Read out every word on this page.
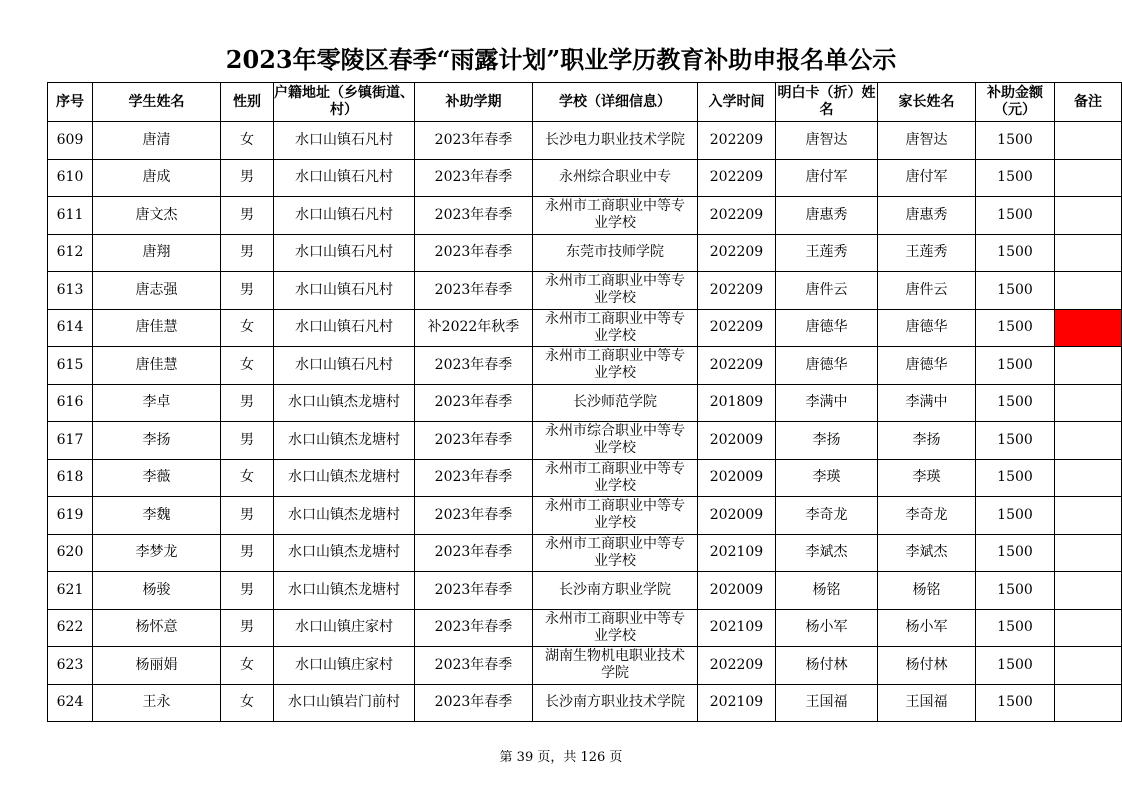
2023年零陵区春季“雨露计划”职业学历教育补助申报名单公示
序号	学生姓名	性别	户籍地址（乡镇街道、村）	补助学期	学校（详细信息）	入学时间	明白卡（折）姓名	家长姓名	补助金额（元）	备注
609	唐清	女	水口山镇石凡村	2023年春季	长沙电力职业技术学院	202209	唐智达	唐智达	1500	
610	唐成	男	水口山镇石凡村	2023年春季	永州综合职业中专	202209	唐付军	唐付军	1500	
611	唐文杰	男	水口山镇石凡村	2023年春季	永州市工商职业中等专业学校	202209	唐惠秀	唐惠秀	1500	
612	唐翔	男	水口山镇石凡村	2023年春季	东莞市技师学院	202209	王莲秀	王莲秀	1500	
613	唐志强	男	水口山镇石凡村	2023年春季	永州市工商职业中等专业学校	202209	唐件云	唐件云	1500	
614	唐佳慧	女	水口山镇石凡村	补2022年秋季	永州市工商职业中等专业学校	202209	唐德华	唐德华	1500	
615	唐佳慧	女	水口山镇石凡村	2023年春季	永州市工商职业中等专业学校	202209	唐德华	唐德华	1500	
616	李卓	男	水口山镇杰龙塘村	2023年春季	长沙师范学院	201809	李满中	李满中	1500	
617	李扬	男	水口山镇杰龙塘村	2023年春季	永州市综合职业中等专业学校	202009	李扬	李扬	1500	
618	李薇	女	水口山镇杰龙塘村	2023年春季	永州市工商职业中等专业学校	202009	李瑛	李瑛	1500	
619	李魏	男	水口山镇杰龙塘村	2023年春季	永州市工商职业中等专业学校	202009	李奇龙	李奇龙	1500	
620	李梦龙	男	水口山镇杰龙塘村	2023年春季	永州市工商职业中等专业学校	202109	李斌杰	李斌杰	1500	
621	杨骏	男	水口山镇杰龙塘村	2023年春季	长沙南方职业学院	202009	杨铭	杨铭	1500	
622	杨怀意	男	水口山镇庄家村	2023年春季	永州市工商职业中等专业学校	202109	杨小军	杨小军	1500	
623	杨丽娟	女	水口山镇庄家村	2023年春季	湖南生物机电职业技术学院	202209	杨付林	杨付林	1500	
624	王永	女	水口山镇岩门前村	2023年春季	长沙南方职业技术学院	202109	王国福	王国福	1500	
第 39 页，共 126 页
